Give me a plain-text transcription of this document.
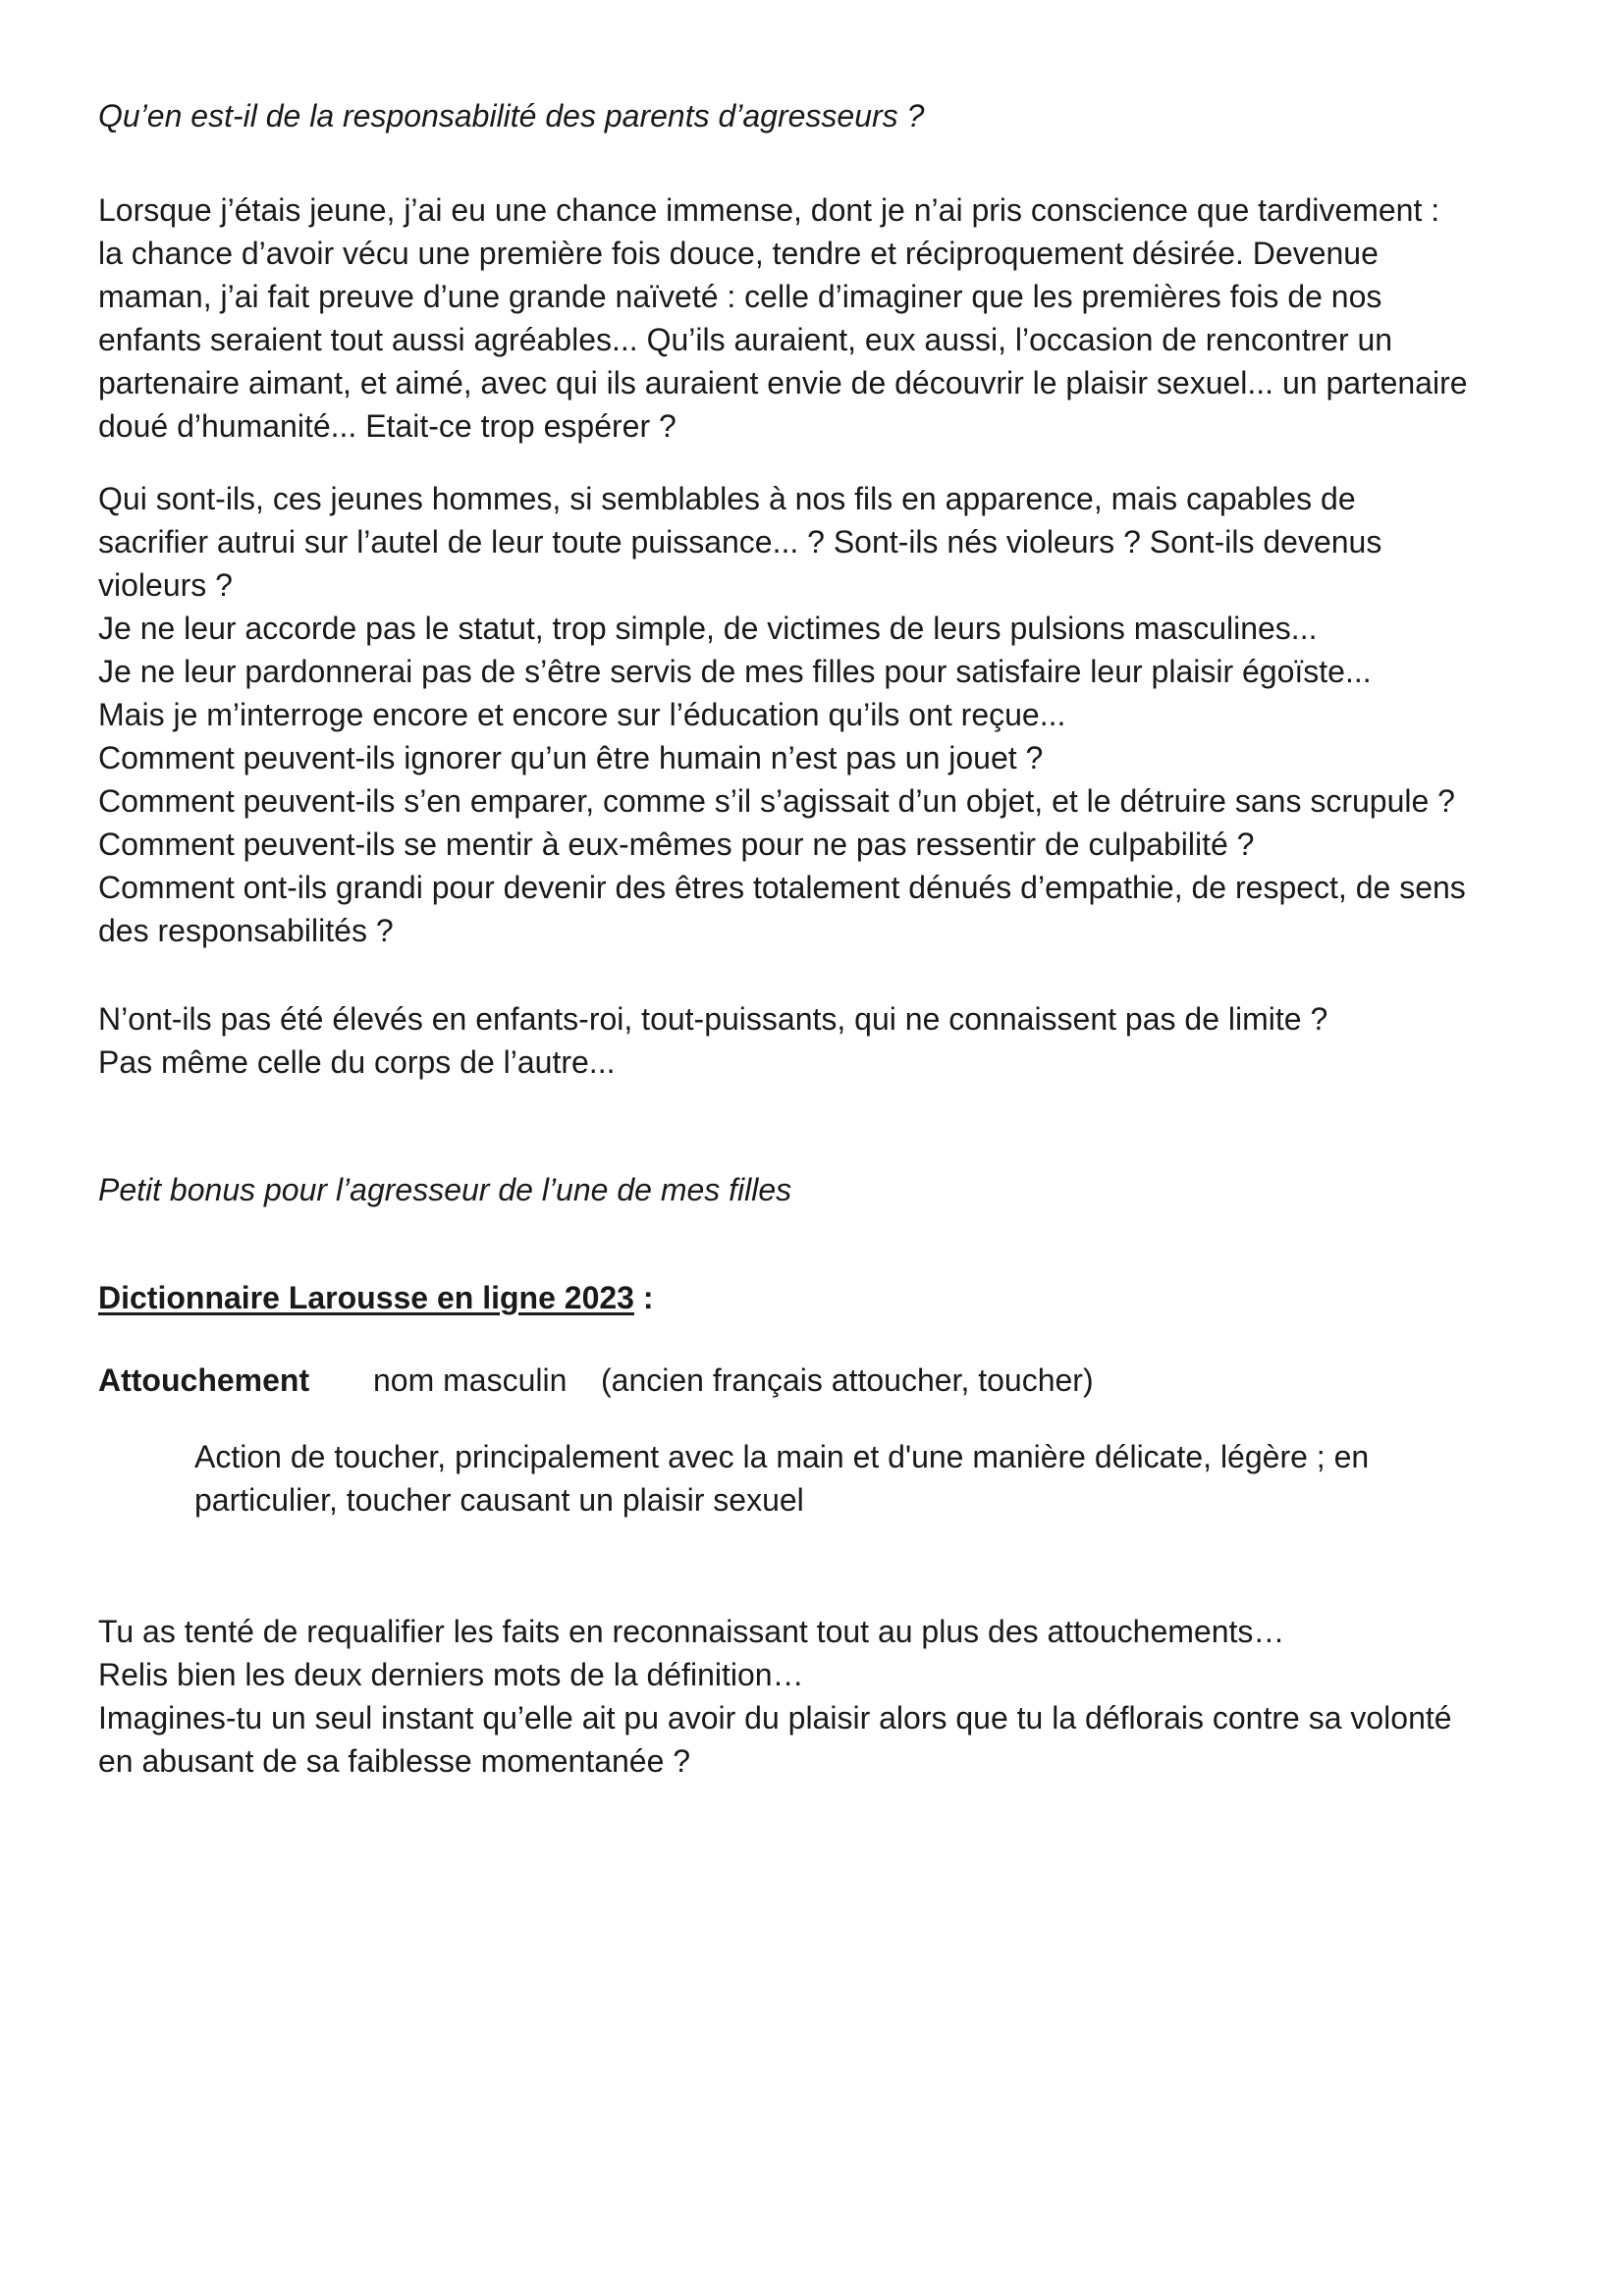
Qu’en est-il de la responsabilité des parents d’agresseurs ?
Lorsque j’étais jeune, j’ai eu une chance immense, dont je n’ai pris conscience que tardivement :
la chance d’avoir vécu une première fois douce, tendre et réciproquement désirée. Devenue
maman, j’ai fait preuve d’une grande naïveté : celle d’imaginer que les premières fois de nos
enfants seraient tout aussi agréables... Qu’ils auraient, eux aussi, l’occasion de rencontrer un
partenaire aimant, et aimé, avec qui ils auraient envie de découvrir le plaisir sexuel... un partenaire
doué d’humanité... Etait-ce trop espérer ?
Qui sont-ils, ces jeunes hommes, si semblables à nos fils en apparence, mais capables de
sacrifier autrui sur l’autel de leur toute puissance... ? Sont-ils nés violeurs ? Sont-ils devenus
violeurs ?
Je ne leur accorde pas le statut, trop simple, de victimes de leurs pulsions masculines...
Je ne leur pardonnerai pas de s’être servis de mes filles pour satisfaire leur plaisir égoïste...
Mais je m’interroge encore et encore sur l’éducation qu’ils ont reçue...
Comment peuvent-ils ignorer qu’un être humain n’est pas un jouet ?
Comment peuvent-ils s’en emparer, comme s’il s’agissait d’un objet, et le détruire sans scrupule ?
Comment peuvent-ils se mentir à eux-mêmes pour ne pas ressentir de culpabilité ?
Comment ont-ils grandi pour devenir des êtres totalement dénués d’empathie, de respect, de sens
des responsabilités ?
N’ont-ils pas été élevés en enfants-roi, tout-puissants, qui ne connaissent pas de limite ?
Pas même celle du corps de l’autre...
Petit bonus pour l’agresseur de l’une de mes filles
Dictionnaire Larousse en ligne 2023 :
Attouchement nom masculin (ancien français attoucher, toucher)
Action de toucher, principalement avec la main et d'une manière délicate, légère ; en
particulier, toucher causant un plaisir sexuel
Tu as tenté de requalifier les faits en reconnaissant tout au plus des attouchements…
Relis bien les deux derniers mots de la définition…
Imagines-tu un seul instant qu’elle ait pu avoir du plaisir alors que tu la déflorais contre sa volonté
en abusant de sa faiblesse momentanée ?
